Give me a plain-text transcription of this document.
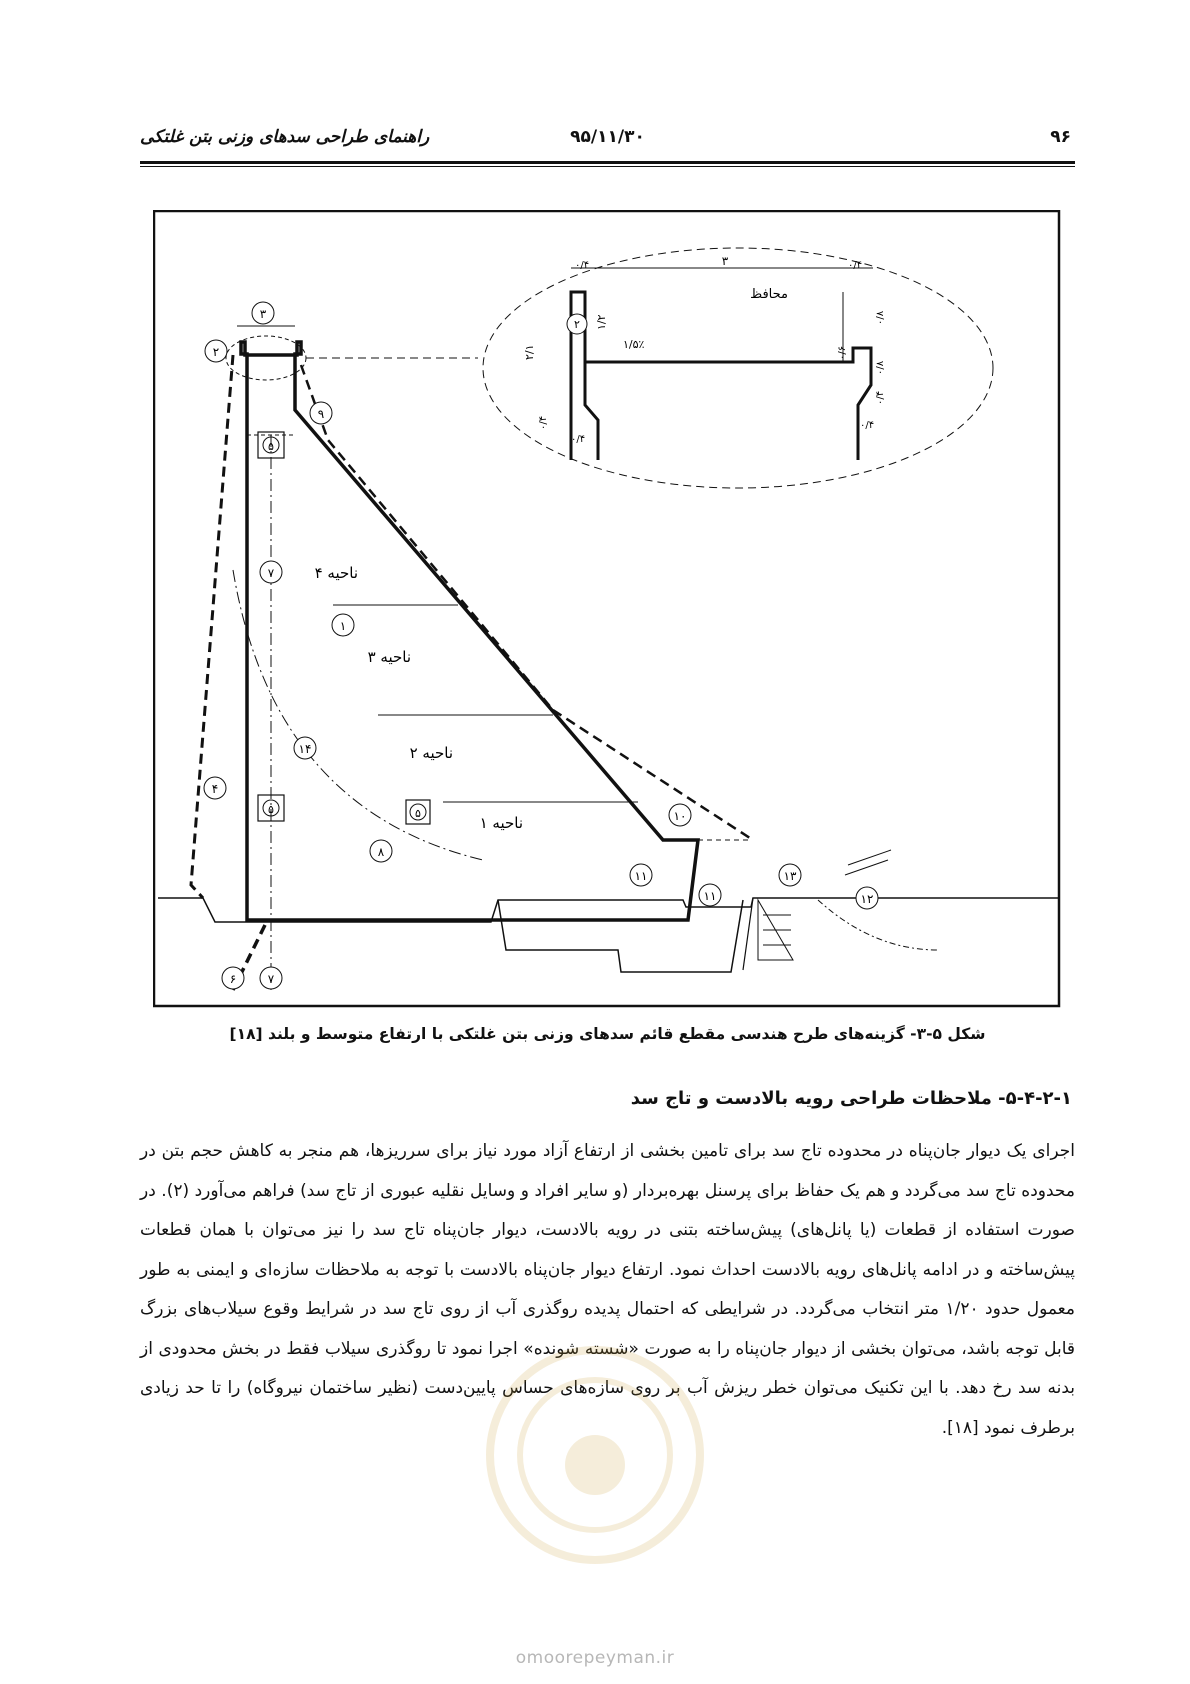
راهنمای طراحی سدهای وزنی بتن غلتکی	۹۵/۱۱/۳۰	۹۶
ناحیه ۴
ناحیه ۳
ناحیه ۲
ناحیه ۱
۵
۵	۵
۷
۷
۶
۱
۱۴
۴
۸
۹
۱۰
۱۱
۱۱
۱۳
۱۲
۲
۳
۳
۱/۵٪
محافظ
۲/۱
۱/۲
۰/۴	۰/۴
۰/۴
۰/۴
۰/۴
۰/۴
۰/۸
۰/۸
۰/۶
۲
شکل ۵-۳- گزینه‌های طرح هندسی مقطع قائم سدهای وزنی بتن غلتکی با ارتفاع متوسط و بلند [۱۸]
۵-۴-۲-۱- ملاحظات طراحی رویه بالادست و تاج سد
اجرای یک دیوار جان‌پناه در محدوده تاج سد برای تامین بخشی از ارتفاع آزاد مورد نیاز برای سرریزها، هم منجر به کاهش حجم بتن در محدوده تاج سد می‌گردد و هم یک حفاظ برای پرسنل بهره‌بردار (و سایر افراد و وسایل نقلیه عبوری از تاج سد) فراهم می‌آورد (۲). در صورت استفاده از قطعات (یا پانل‌های) پیش‌ساخته بتنی در رویه بالادست، دیوار جان‌پناه تاج سد را نیز می‌توان با همان قطعات پیش‌ساخته و در ادامه پانل‌های رویه بالادست احداث نمود. ارتفاع دیوار جان‌پناه بالادست با توجه به ملاحظات سازه‌ای و ایمنی به طور معمول حدود ۱/۲۰ متر انتخاب می‌گردد. در شرایطی که احتمال پدیده روگذری آب از روی تاج سد در شرایط وقوع سیلاب‌های بزرگ قابل توجه باشد، می‌توان بخشی از دیوار جان‌پناه را به صورت «شسته شونده» اجرا نمود تا روگذری سیلاب فقط در بخش محدودی از بدنه سد رخ دهد. با این تکنیک می‌توان خطر ریزش آب بر روی سازه‌های حساس پایین‌دست (نظیر ساختمان نیروگاه) را تا حد زیادی برطرف نمود [۱۸].
omoorepeyman.ir
